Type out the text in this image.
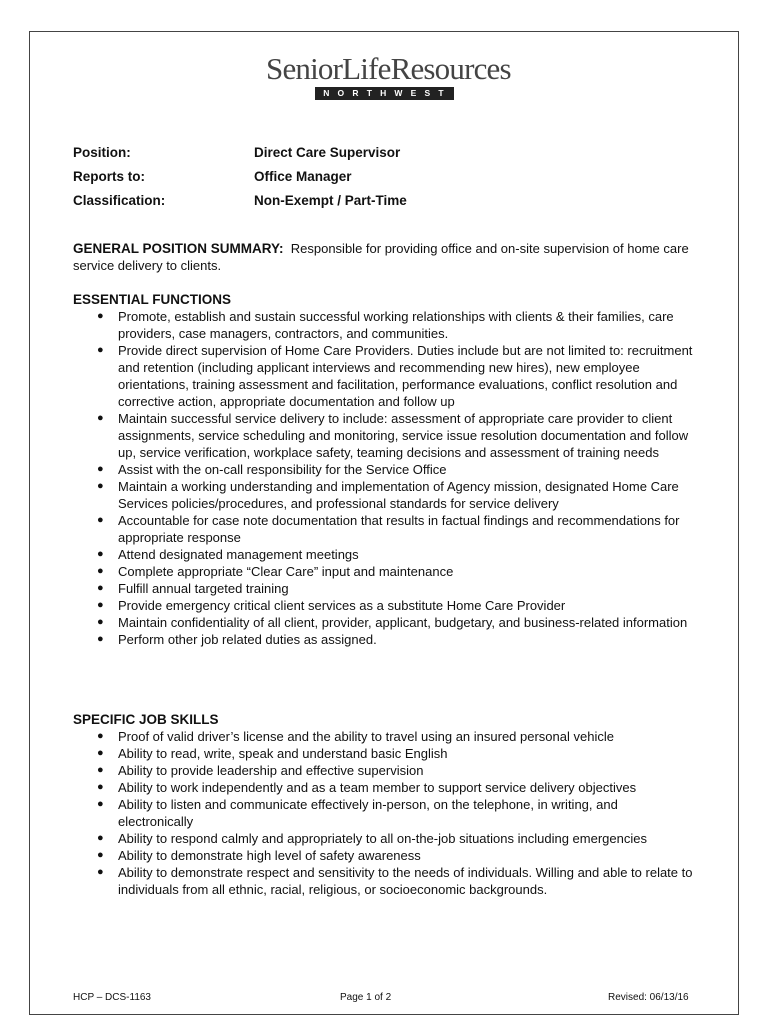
SeniorLifeResources
NORTHWEST
Position:	Direct Care Supervisor
Reports to:	Office Manager
Classification:	Non-Exempt / Part-Time
GENERAL POSITION SUMMARY: Responsible for providing office and on-site supervision of home care service delivery to clients.
ESSENTIAL FUNCTIONS
● Promote, establish and sustain successful working relationships with clients & their families, care providers, case managers, contractors, and communities.
● Provide direct supervision of Home Care Providers. Duties include but are not limited to: recruitment and retention (including applicant interviews and recommending new hires), new employee orientations, training assessment and facilitation, performance evaluations, conflict resolution and corrective action, appropriate documentation and follow up
● Maintain successful service delivery to include: assessment of appropriate care provider to client assignments, service scheduling and monitoring, service issue resolution documentation and follow up, service verification, workplace safety, teaming decisions and assessment of training needs
● Assist with the on-call responsibility for the Service Office
● Maintain a working understanding and implementation of Agency mission, designated Home Care Services policies/procedures, and professional standards for service delivery
● Accountable for case note documentation that results in factual findings and recommendations for appropriate response
● Attend designated management meetings
● Complete appropriate “Clear Care” input and maintenance
● Fulfill annual targeted training
● Provide emergency critical client services as a substitute Home Care Provider
● Maintain confidentiality of all client, provider, applicant, budgetary, and business-related information
● Perform other job related duties as assigned.
SPECIFIC JOB SKILLS
● Proof of valid driver’s license and the ability to travel using an insured personal vehicle
● Ability to read, write, speak and understand basic English
● Ability to provide leadership and effective supervision
● Ability to work independently and as a team member to support service delivery objectives
● Ability to listen and communicate effectively in-person, on the telephone, in writing, and electronically
● Ability to respond calmly and appropriately to all on-the-job situations including emergencies
● Ability to demonstrate high level of safety awareness
● Ability to demonstrate respect and sensitivity to the needs of individuals. Willing and able to relate to individuals from all ethnic, racial, religious, or socioeconomic backgrounds.
HCP – DCS-1163	Page 1 of 2	Revised: 06/13/16
